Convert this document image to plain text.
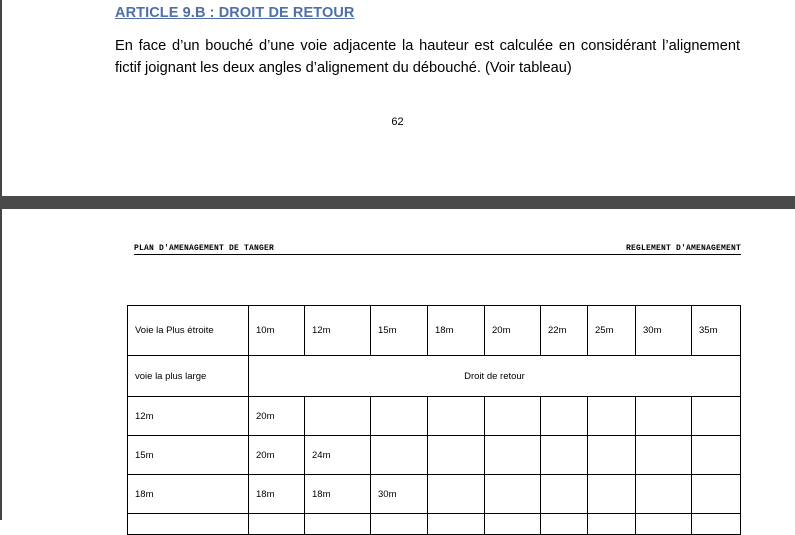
ARTICLE 9.B : DROIT DE RETOUR
En face d’un bouché d’une voie adjacente la hauteur est calculée en considérant l’alignement fictif joignant les deux angles d’alignement du débouché. (Voir tableau)
62
PLAN D'AMENAGEMENT DE TANGER	REGLEMENT D'AMENAGEMENT
Voie la Plus étroite	10m	12m	15m	18m	20m	22m	25m	30m	35m
voie la plus large	Droit de retour								
12m	20m								
15m	20m	24m							
18m	18m	18m	30m						
